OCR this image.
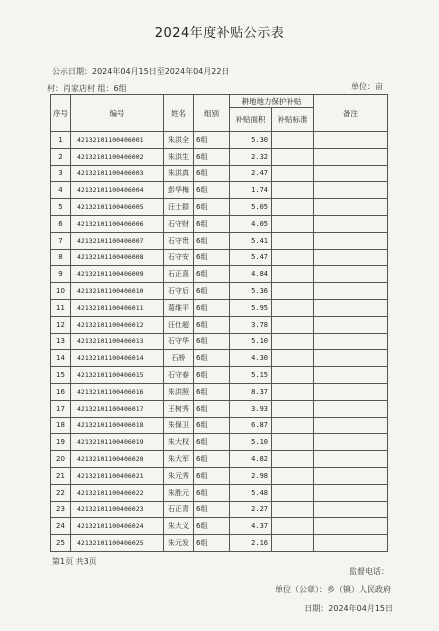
2024年度补贴公示表
公示日期：2024年04月15日至2024年04月22日
村：肖家店村 组：6组	单位：亩
序号	编号	姓名	组别	耕地地力保护补贴		备注
				补贴面积	补贴标准	
1	42132101100406001	朱洪全	6组	5.30		
2	42132101100406002	朱洪生	6组	2.32		
3	42132101100406003	朱洪真	6组	2.47		
4	42132101100406004	彭华梅	6组	1.74		
5	42132101100406005	汪士群	6组	5.05		
6	42132101100406006	石守财	6组	4.05		
7	42132101100406007	石守贵	6组	5.41		
8	42132101100406008	石守安	6组	5.47		
9	42132101100406009	石正喜	6组	4.84		
10	42132101100406010	石守后	6组	5.36		
11	42132101100406011	葛维平	6组	5.95		
12	42132101100406012	汪仕超	6组	3.78		
13	42132101100406013	石守华	6组	5.10		
14	42132101100406014	石桥	6组	4.30		
15	42132101100406015	石守春	6组	5.15		
16	42132101100406016	朱洪照	6组	8.37		
17	42132101100406017	王树秀	6组	3.93		
18	42132101100406018	朱保卫	6组	6.87		
19	42132101100406019	朱大权	6组	5.10		
20	42132101100406020	朱大军	6组	4.82		
21	42132101100406021	朱元秀	6组	2.98		
22	42132101100406022	朱胜元	6组	5.48		
23	42132101100406023	石正青	6组	2.27		
24	42132101100406024	朱大义	6组	4.37		
25	42132101100406025	朱元发	6组	2.16		
第1页 共3页
监督电话：
单位（公章）：乡（镇）人民政府
日期：2024年04月15日
